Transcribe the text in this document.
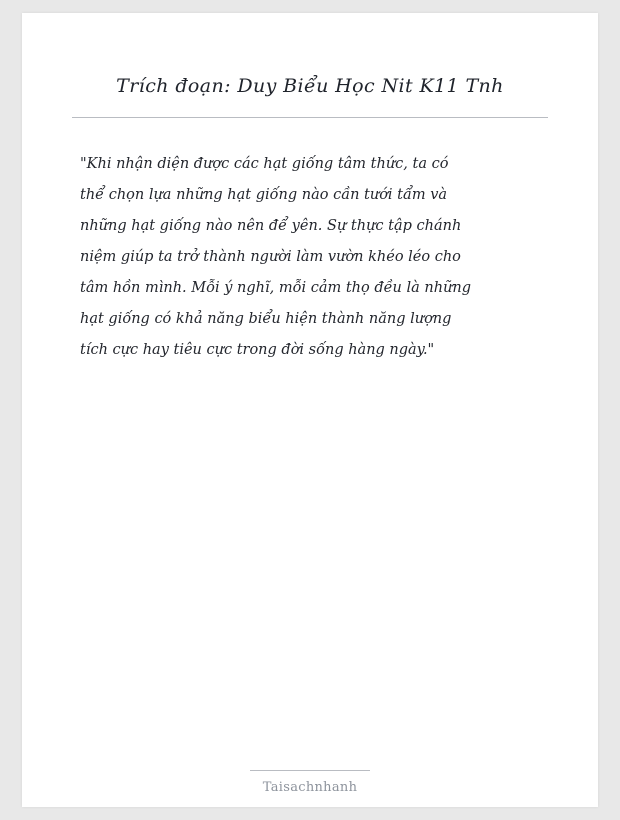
Trích đoạn: Duy Biểu Học Nit K11 Tnh
"Khi nhận diện được các hạt giống tâm thức, ta có
thể chọn lựa những hạt giống nào cần tưới tẩm và
những hạt giống nào nên để yên. Sự thực tập chánh
niệm giúp ta trở thành người làm vườn khéo léo cho
tâm hồn mình. Mỗi ý nghĩ, mỗi cảm thọ đều là những
hạt giống có khả năng biểu hiện thành năng lượng
tích cực hay tiêu cực trong đời sống hàng ngày."
Taisachnhanh
